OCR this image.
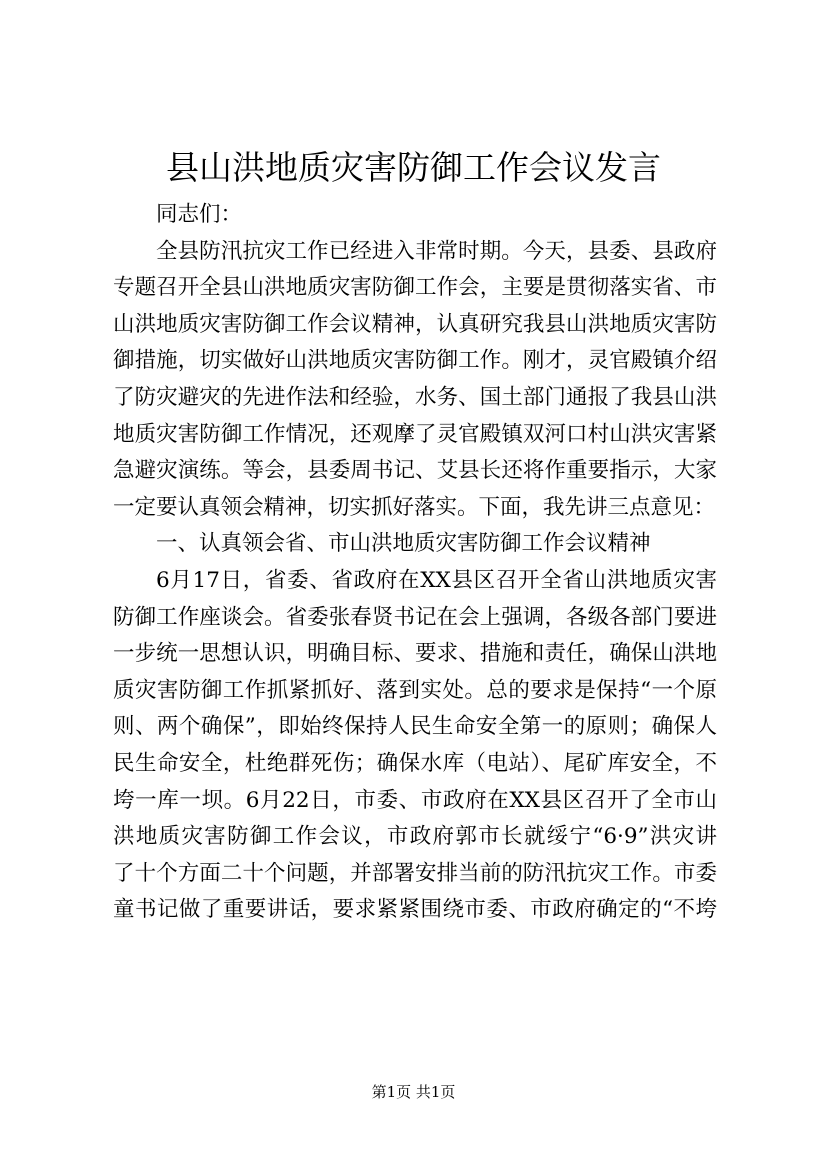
县山洪地质灾害防御工作会议发言
同志们：
全县防汛抗灾工作已经进入非常时期。今天，县委、县政府
专题召开全县山洪地质灾害防御工作会，主要是贯彻落实省、市
山洪地质灾害防御工作会议精神，认真研究我县山洪地质灾害防
御措施，切实做好山洪地质灾害防御工作。刚才，灵官殿镇介绍
了防灾避灾的先进作法和经验，水务、国土部门通报了我县山洪
地质灾害防御工作情况，还观摩了灵官殿镇双河口村山洪灾害紧
急避灾演练。等会，县委周书记、艾县长还将作重要指示，大家
一定要认真领会精神，切实抓好落实。下面，我先讲三点意见：
一、认真领会省、市山洪地质灾害防御工作会议精神
6月17日，省委、省政府在XX县区召开全省山洪地质灾害
防御工作座谈会。省委张春贤书记在会上强调，各级各部门要进
一步统一思想认识，明确目标、要求、措施和责任，确保山洪地
质灾害防御工作抓紧抓好、落到实处。总的要求是保持“一个原
则、两个确保”，即始终保持人民生命安全第一的原则；确保人
民生命安全，杜绝群死伤；确保水库（电站）、尾矿库安全，不
垮一库一坝。6月22日，市委、市政府在XX县区召开了全市山
洪地质灾害防御工作会议，市政府郭市长就绥宁“6·9”洪灾讲
了十个方面二十个问题，并部署安排当前的防汛抗灾工作。市委
童书记做了重要讲话，要求紧紧围绕市委、市政府确定的“不垮
第1页 共1页
